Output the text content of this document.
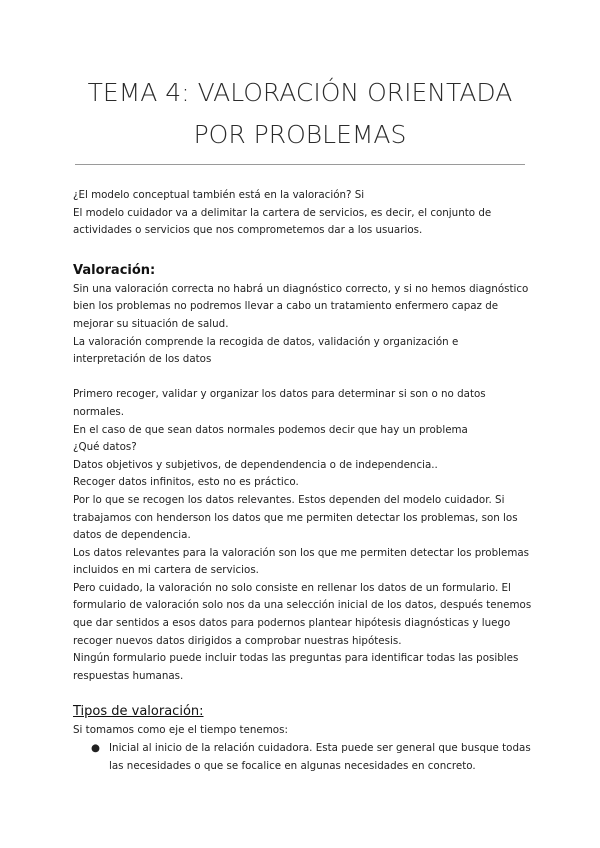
TEMA 4: VALORACIÓN ORIENTADA
POR PROBLEMAS

¿El modelo conceptual también está en la valoración? Si

El modelo cuidador va a delimitar la cartera de servicios, es decir, el conjunto de actividades o servicios que nos comprometemos dar a los usuarios.

Valoración:

Sin una valoración correcta no habrá un diagnóstico correcto, y si no hemos diagnóstico bien los problemas no podremos llevar a cabo un tratamiento enfermero capaz de mejorar su situación de salud.

La valoración comprende la recogida de datos, validación y organización e interpretación de los datos

Primero recoger, validar y organizar los datos para determinar si son o no datos normales.

En el caso de que sean datos normales podemos decir que hay un problema

¿Qué datos?

Datos objetivos y subjetivos, de dependendencia o de independencia..

Recoger datos infinitos, esto no es práctico.

Por lo que se recogen los datos relevantes. Estos dependen del modelo cuidador. Si trabajamos con henderson los datos que me permiten detectar los problemas, son los datos de dependencia.

Los datos relevantes para la valoración son los que me permiten detectar los problemas incluidos en mi cartera de servicios.

Pero cuidado, la valoración no solo consiste en rellenar los datos de un formulario. El formulario de valoración solo nos da una selección inicial de los datos, después tenemos que dar sentidos a esos datos para podernos plantear hipótesis diagnósticas y luego recoger nuevos datos dirigidos a comprobar nuestras hipótesis.

Ningún formulario puede incluir todas las preguntas para identificar todas las posibles respuestas humanas.

Tipos de valoración:

Si tomamos como eje el tiempo tenemos:

● Inicial al inicio de la relación cuidadora. Esta puede ser general que busque todas las necesidades o que se focalice en algunas necesidades en concreto.
